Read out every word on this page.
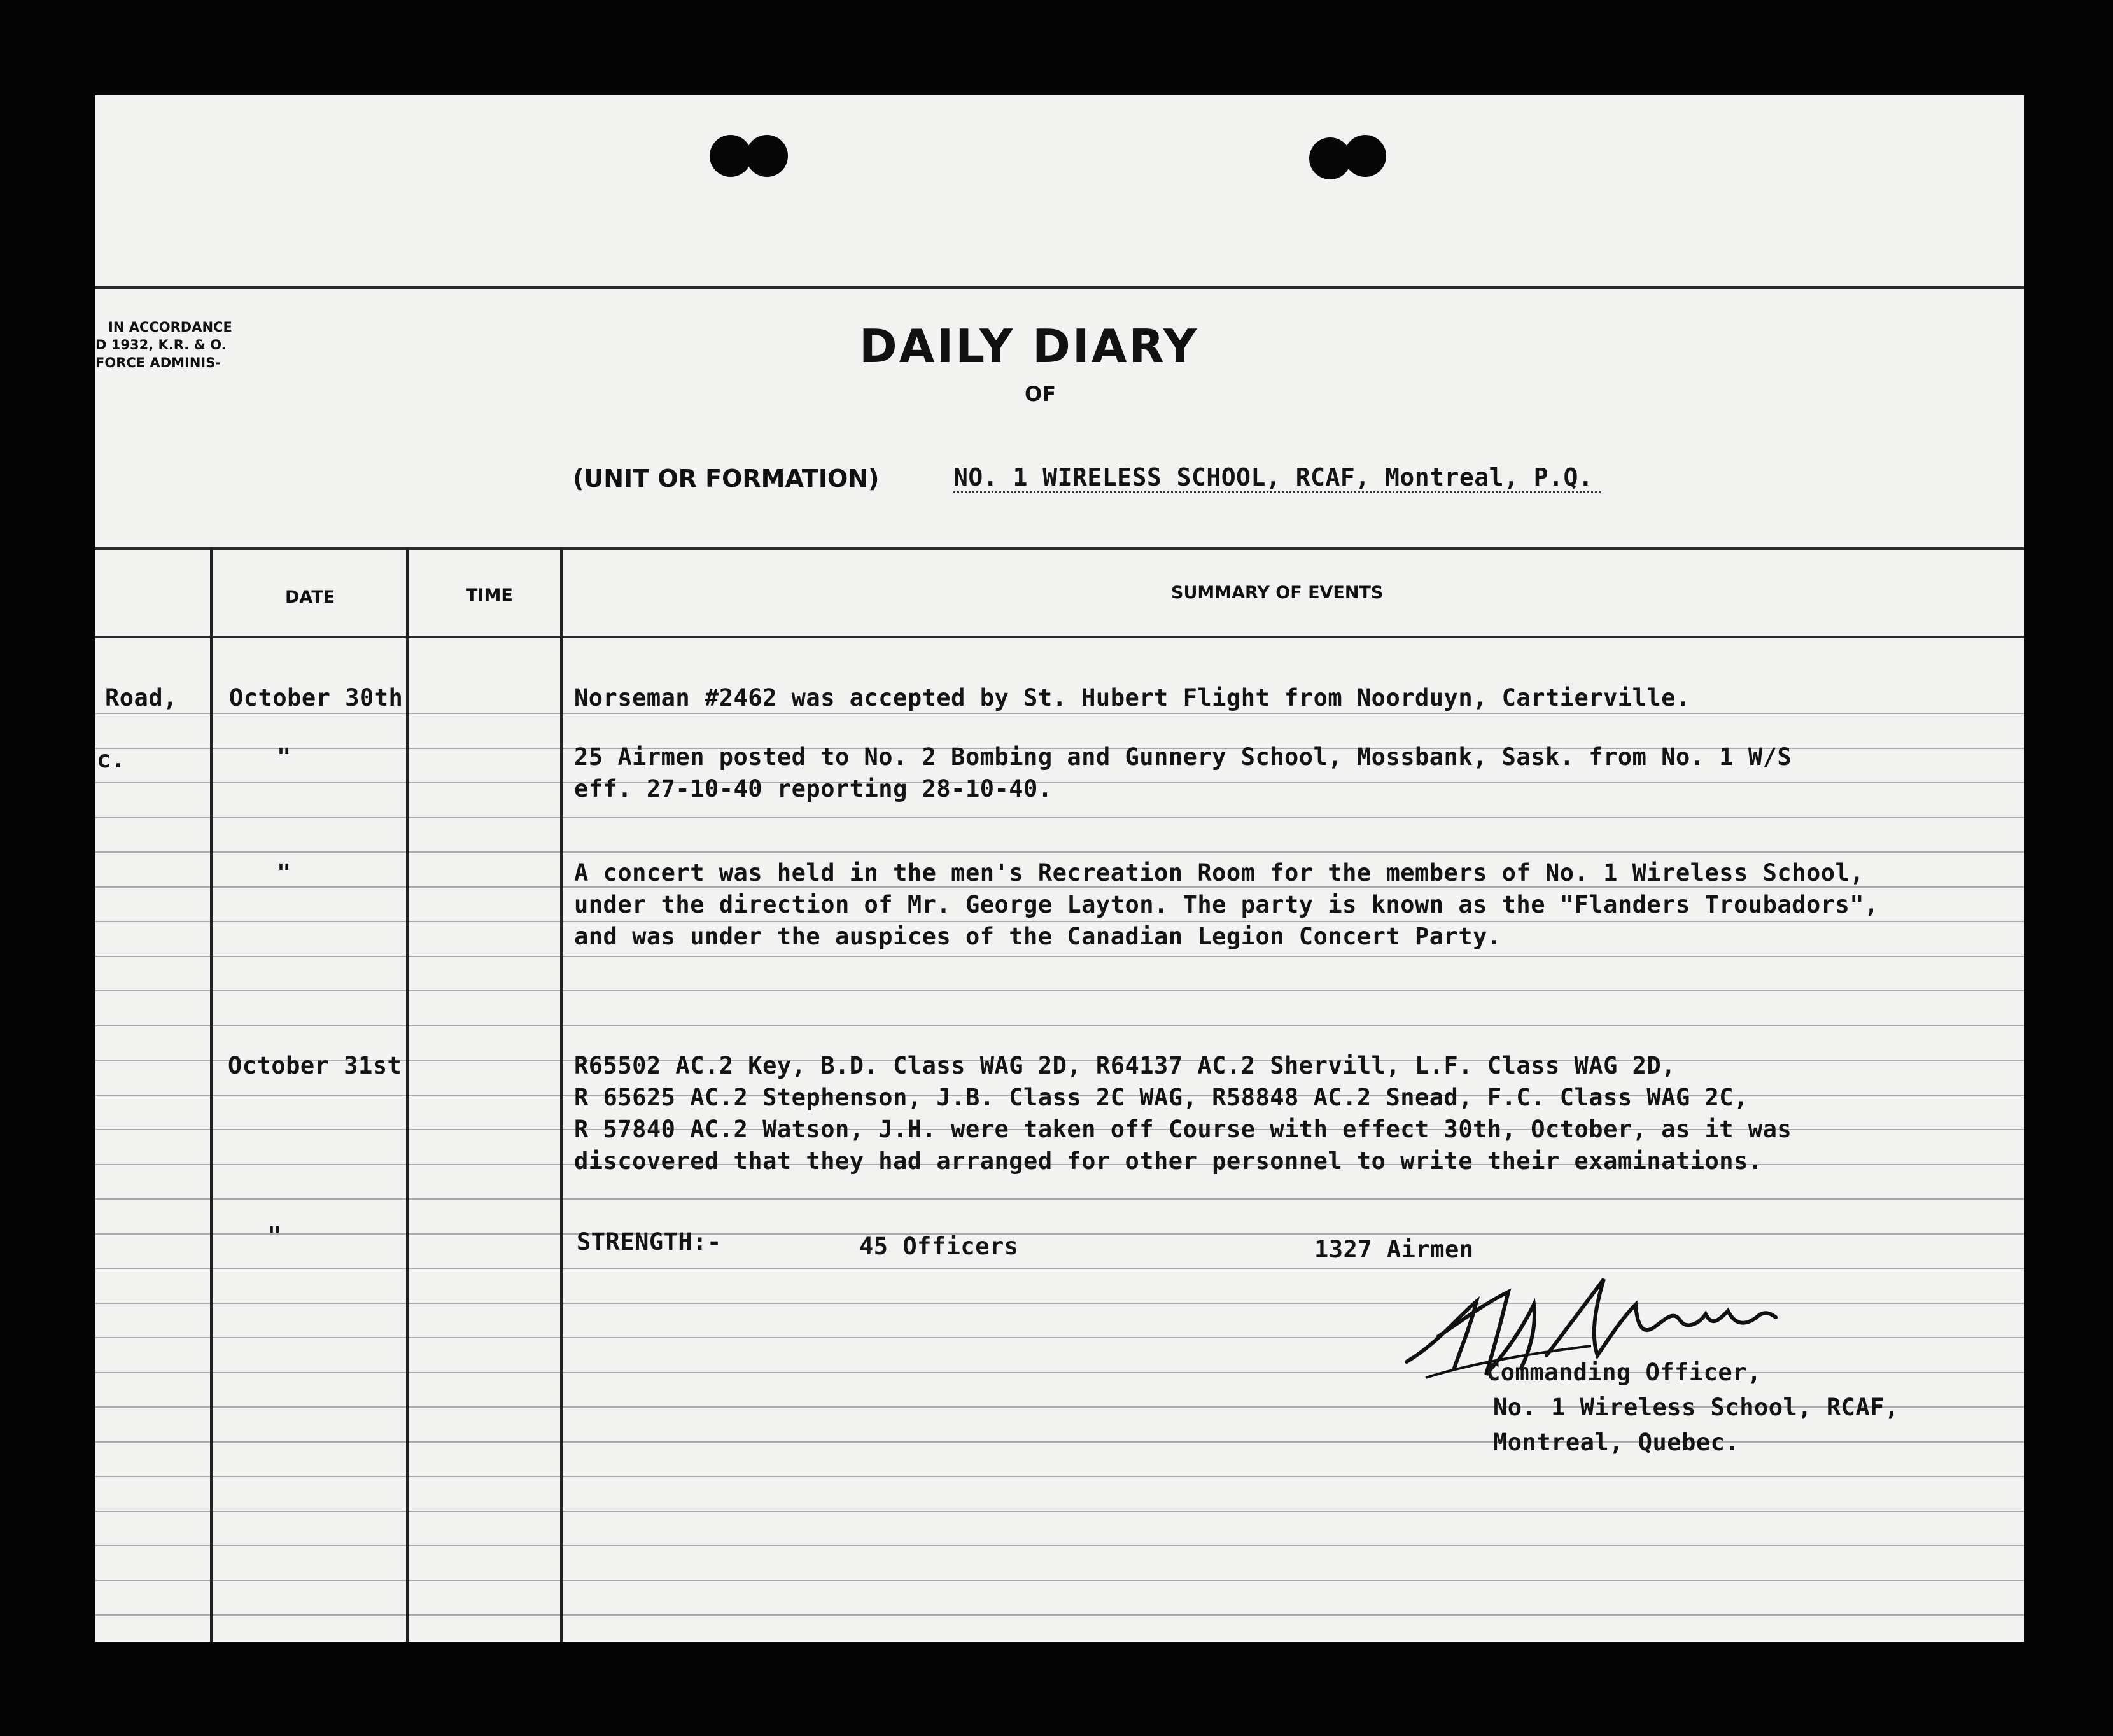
IN ACCORDANCE
D 1932, K.R. & O.
FORCE ADMINIS-	DAILY DIARY
OF
(UNIT OR FORMATION)	NO. 1 WIRELESS SCHOOL, RCAF, Montreal, P.Q.
DATE	TIME	SUMMARY OF EVENTS
Road,
c.
October 30th	Norseman #2462 was accepted by St. Hubert Flight from Noorduyn, Cartierville.
"	25 Airmen posted to No. 2 Bombing and Gunnery School, Mossbank, Sask. from No. 1 W/S
eff. 27-10-40 reporting 28-10-40.
"	A concert was held in the men's Recreation Room for the members of No. 1 Wireless School,
under the direction of Mr. George Layton. The party is known as the "Flanders Troubadors",
and was under the auspices of the Canadian Legion Concert Party.
October 31st	R65502 AC.2 Key, B.D. Class WAG 2D, R64137 AC.2 Shervill, L.F. Class WAG 2D,
R 65625 AC.2 Stephenson, J.B. Class 2C WAG, R58848 AC.2 Snead, F.C. Class WAG 2C,
R 57840 AC.2 Watson, J.H. were taken off Course with effect 30th, October, as it was
discovered that they had arranged for other personnel to write their examinations.
"	STRENGTH:-	45 Officers	1327 Airmen
Commanding Officer,
No. 1 Wireless School, RCAF,
Montreal, Quebec.
